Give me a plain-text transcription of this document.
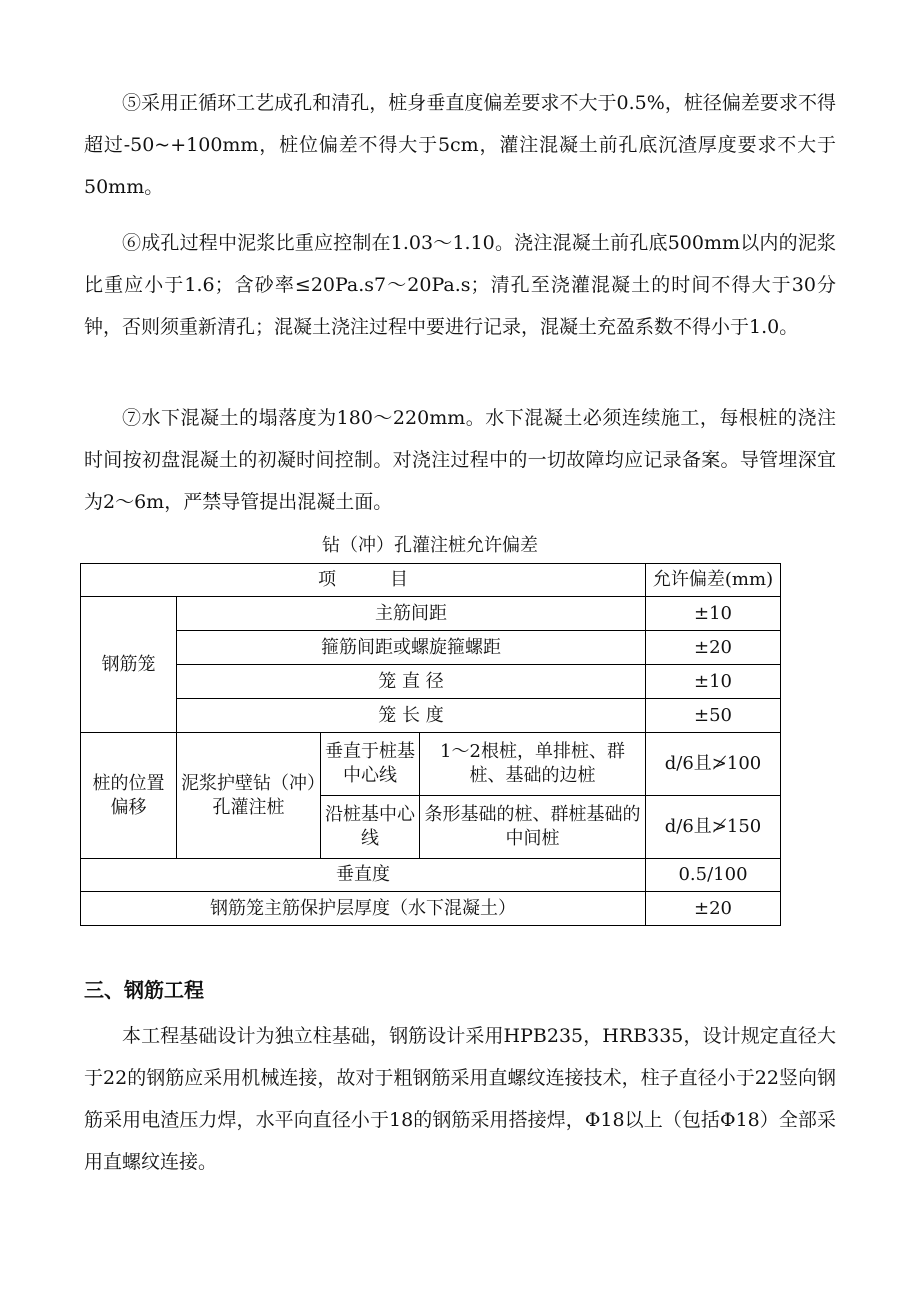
⑤采用正循环工艺成孔和清孔，桩身垂直度偏差要求不大于0.5%，桩径偏差要求不得超过-50~+100mm，桩位偏差不得大于5cm，灌注混凝土前孔底沉渣厚度要求不大于50mm。

⑥成孔过程中泥浆比重应控制在1.03～1.10。浇注混凝土前孔底500mm以内的泥浆比重应小于1.6；含砂率≤20Pa.s7～20Pa.s；清孔至浇灌混凝土的时间不得大于30分钟，否则须重新清孔；混凝土浇注过程中要进行记录，混凝土充盈系数不得小于1.0。

⑦水下混凝土的塌落度为180～220mm。水下混凝土必须连续施工，每根桩的浇注时间按初盘混凝土的初凝时间控制。对浇注过程中的一切故障均应记录备案。导管埋深宜为2～6m，严禁导管提出混凝土面。

钻（冲）孔灌注桩允许偏差
项　　　目				允许偏差(mm)
钢筋笼	主筋间距			±10
	箍筋间距或螺旋箍螺距			±20
	笼 直 径			±10
	笼 长 度			±50
桩的位置偏移	泥浆护壁钻（冲）孔灌注桩	垂直于桩基中心线	1～2根桩，单排桩、群桩、基础的边桩	d/6且≯100
		沿桩基中心线	条形基础的桩、群桩基础的中间桩	d/6且≯150
垂直度				0.5/100
钢筋笼主筋保护层厚度（水下混凝土）				±20
三、钢筋工程

本工程基础设计为独立柱基础，钢筋设计采用HPB235，HRB335，设计规定直径大于22的钢筋应采用机械连接，故对于粗钢筋采用直螺纹连接技术，柱子直径小于22竖向钢筋采用电渣压力焊，水平向直径小于18的钢筋采用搭接焊，Φ18以上（包括Φ18）全部采用直螺纹连接。
